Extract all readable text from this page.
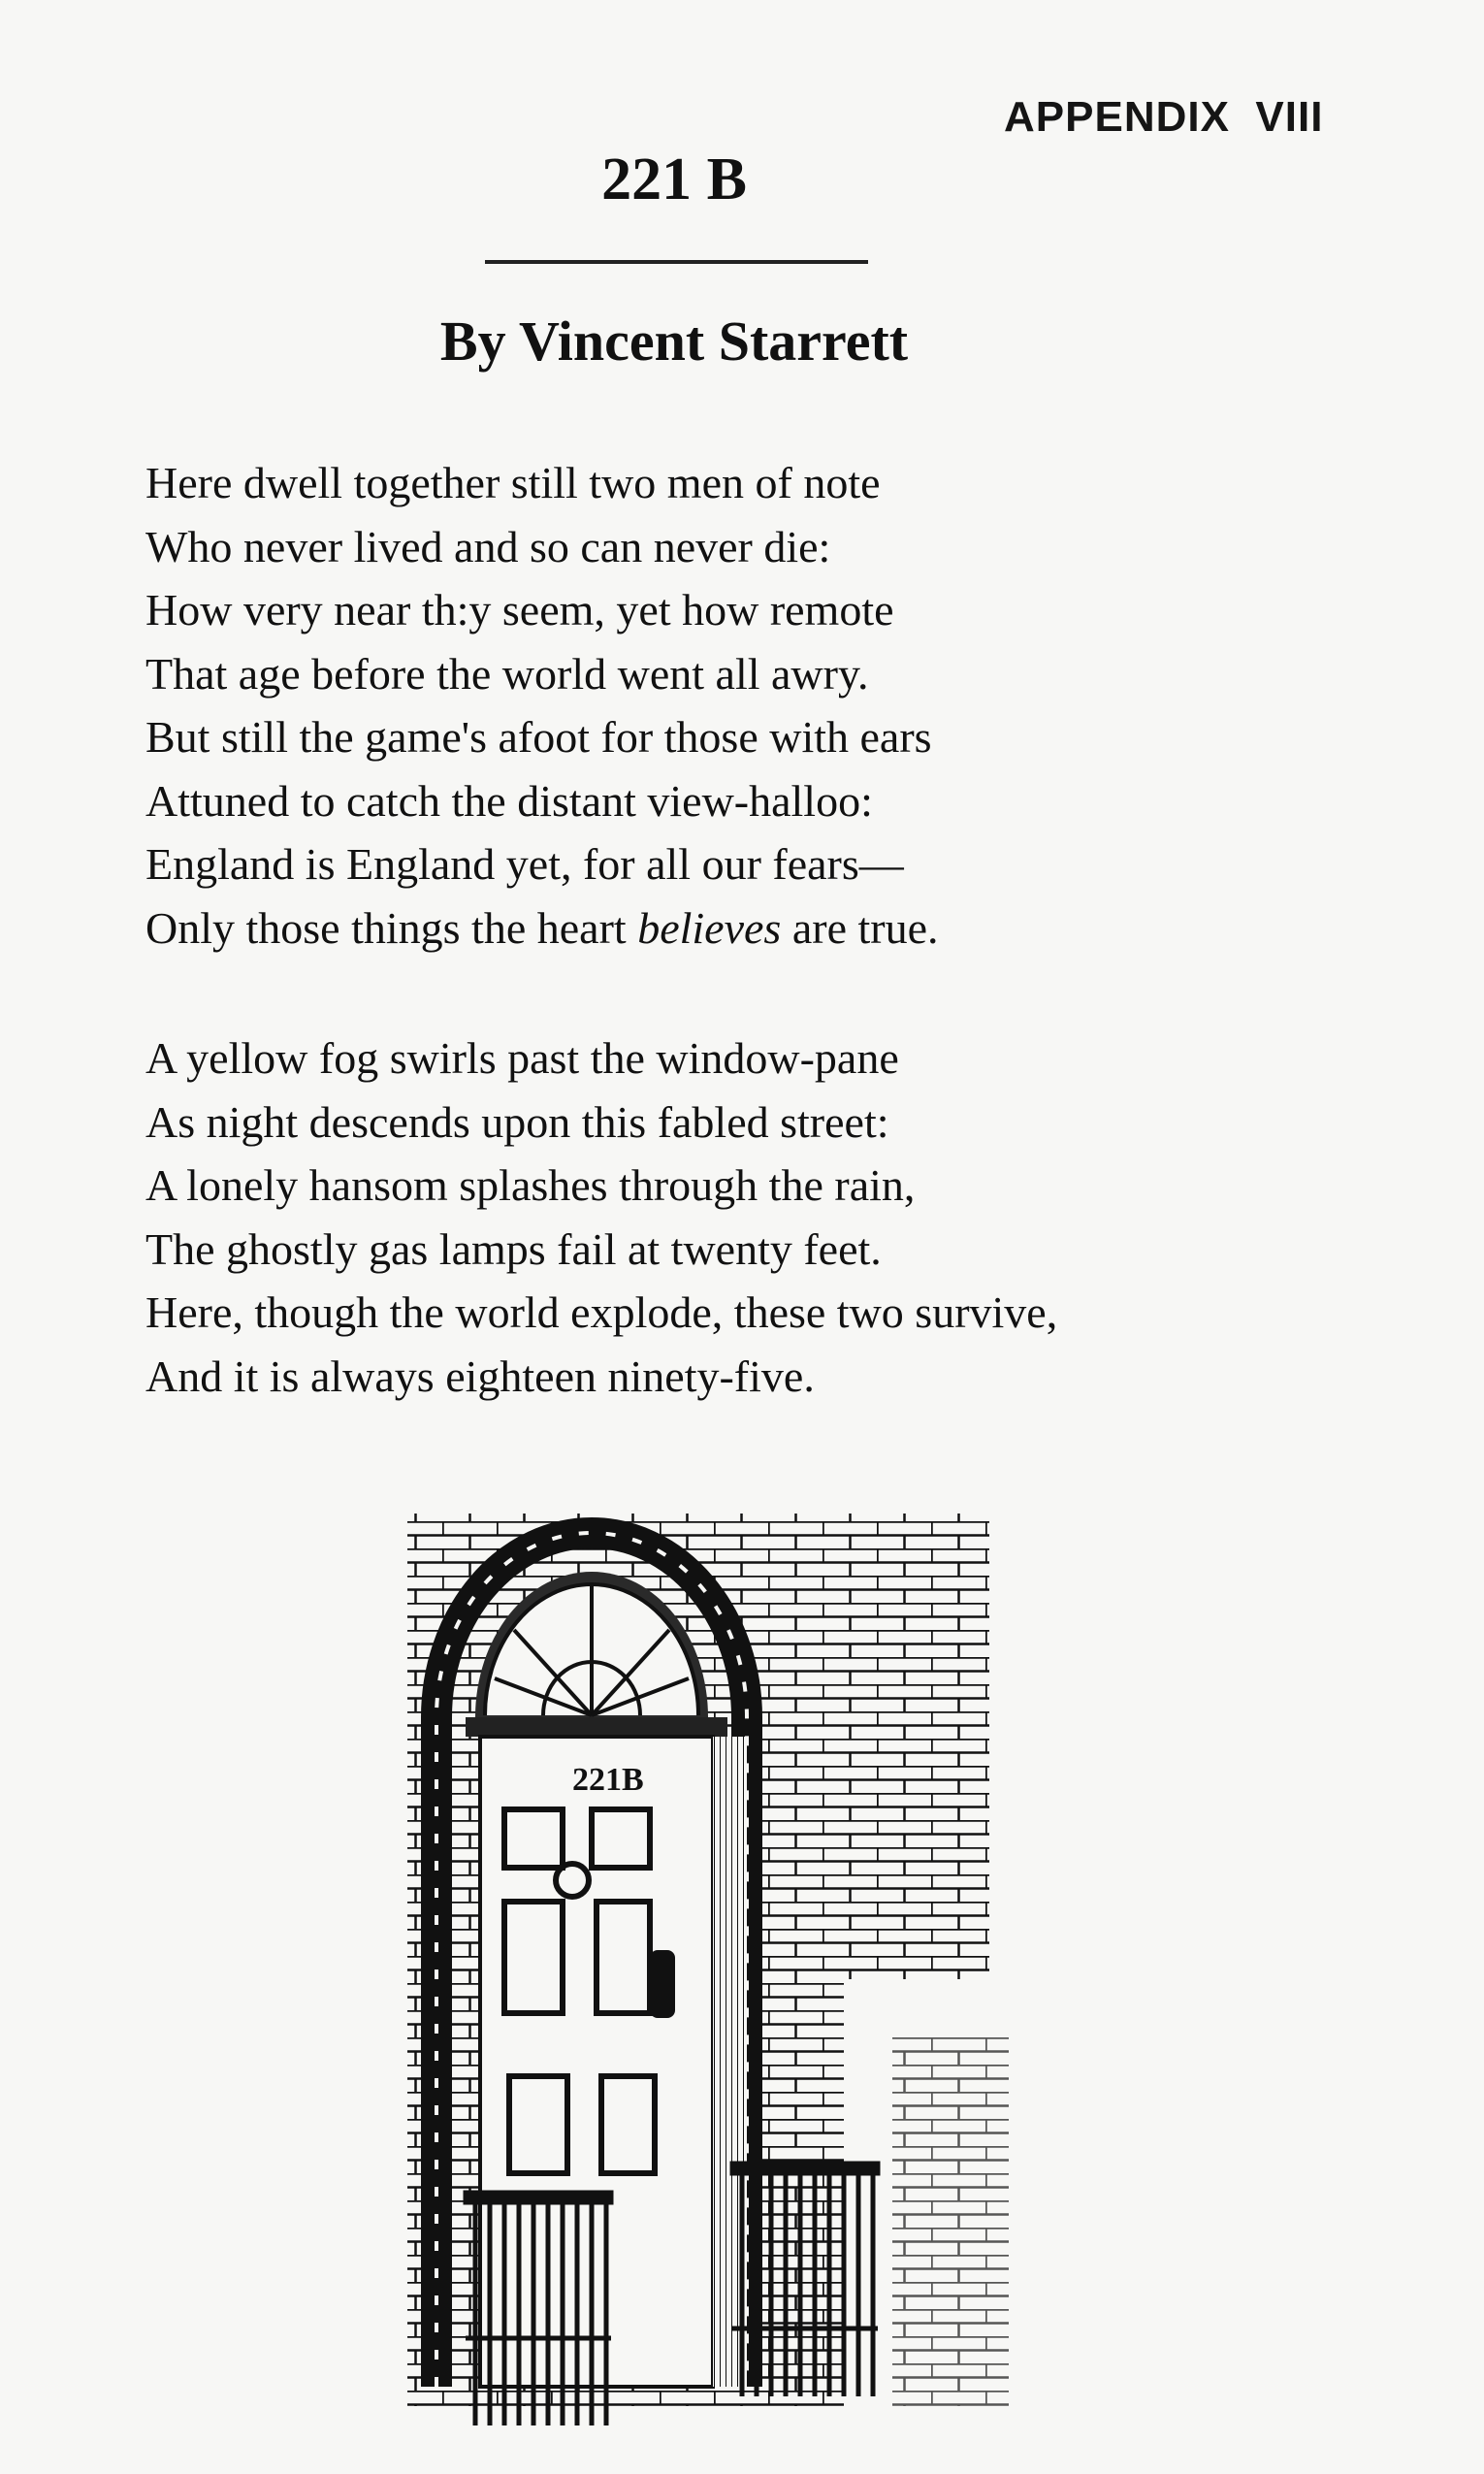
APPENDIX  VIII
221 B
By Vincent Starrett
Here dwell together still two men of note
Who never lived and so can never die:
How very near th:y seem, yet how remote
That age before the world went all awry.
But still the game's afoot for those with ears
Attuned to catch the distant view-halloo:
England is England yet, for all our fears—
Only those things the heart believes are true.
A yellow fog swirls past the window-pane
As night descends upon this fabled street:
A lonely hansom splashes through the rain,
The ghostly gas lamps fail at twenty feet.
Here, though the world explode, these two survive,
And it is always eighteen ninety-five.
221B
